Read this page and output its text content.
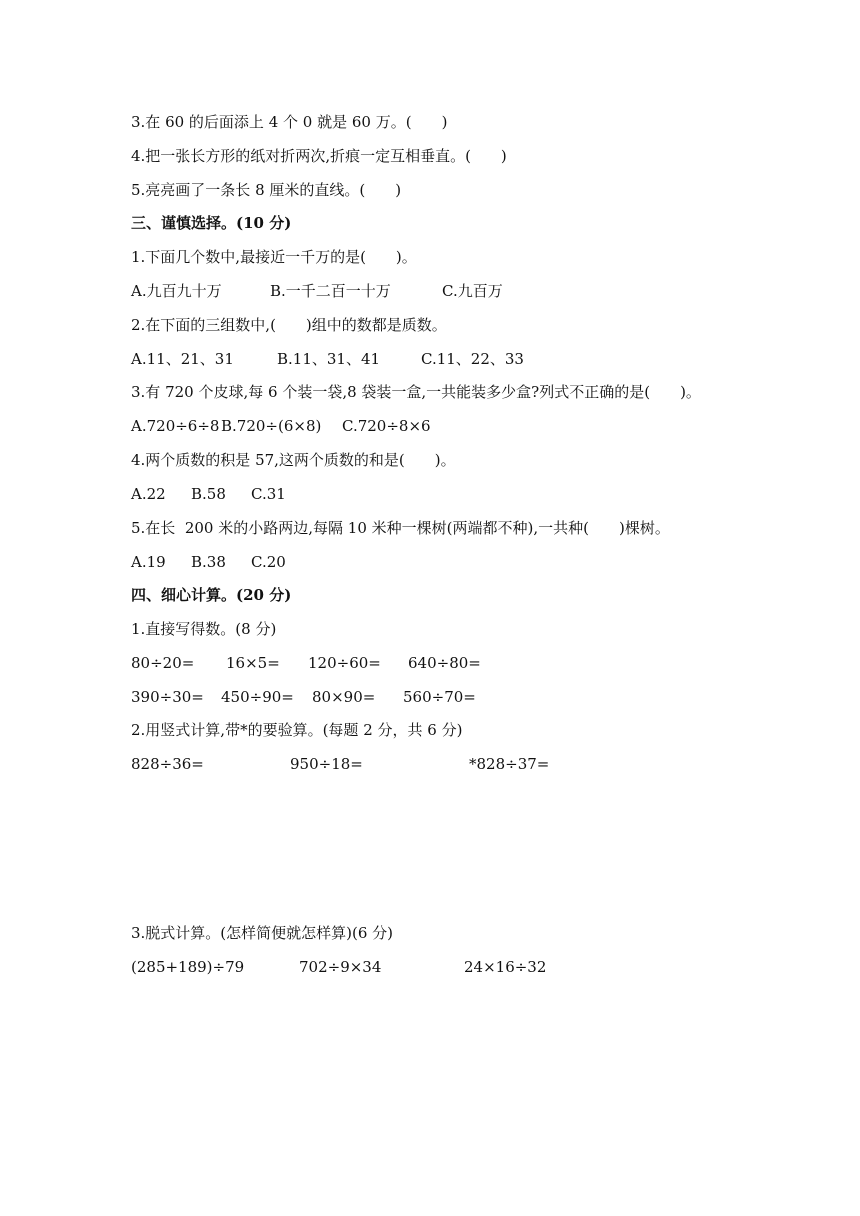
3.在 60 的后面添上 4 个 0 就是 60 万。(　　)
4.把一张长方形的纸对折两次,折痕一定互相垂直。(　　)
5.亮亮画了一条长 8 厘米的直线。(　　)
三、谨慎选择。(10 分)
1.下面几个数中,最接近一千万的是(　　)。
A.九百九十万	B.一千二百一十万	C.九百万
2.在下面的三组数中,(　　)组中的数都是质数。
A.11、21、31	B.11、31、41	C.11、22、33
3.有 720 个皮球,每 6 个装一袋,8 袋装一盒,一共能装多少盒?列式不正确的是(　　)。
A.720÷6÷8 B.720÷(6×8) C.720÷8×6
4.两个质数的积是 57,这两个质数的和是(　　)。
A.22 B.58 C.31
5.在长  200 米的小路两边,每隔 10 米种一棵树(两端都不种),一共种(　　)棵树。
A.19 B.38 C.20
四、细心计算。(20 分)
1.直接写得数。(8 分)
80÷20= 16×5= 120÷60= 640÷80=
390÷30= 450÷90= 80×90= 560÷70=
2.用竖式计算,带*的要验算。(每题 2 分，共 6 分)
828÷36=	950÷18=	*828÷37=
3.脱式计算。(怎样简便就怎样算)(6 分)
(285+189)÷79	702÷9×34	24×16÷32
